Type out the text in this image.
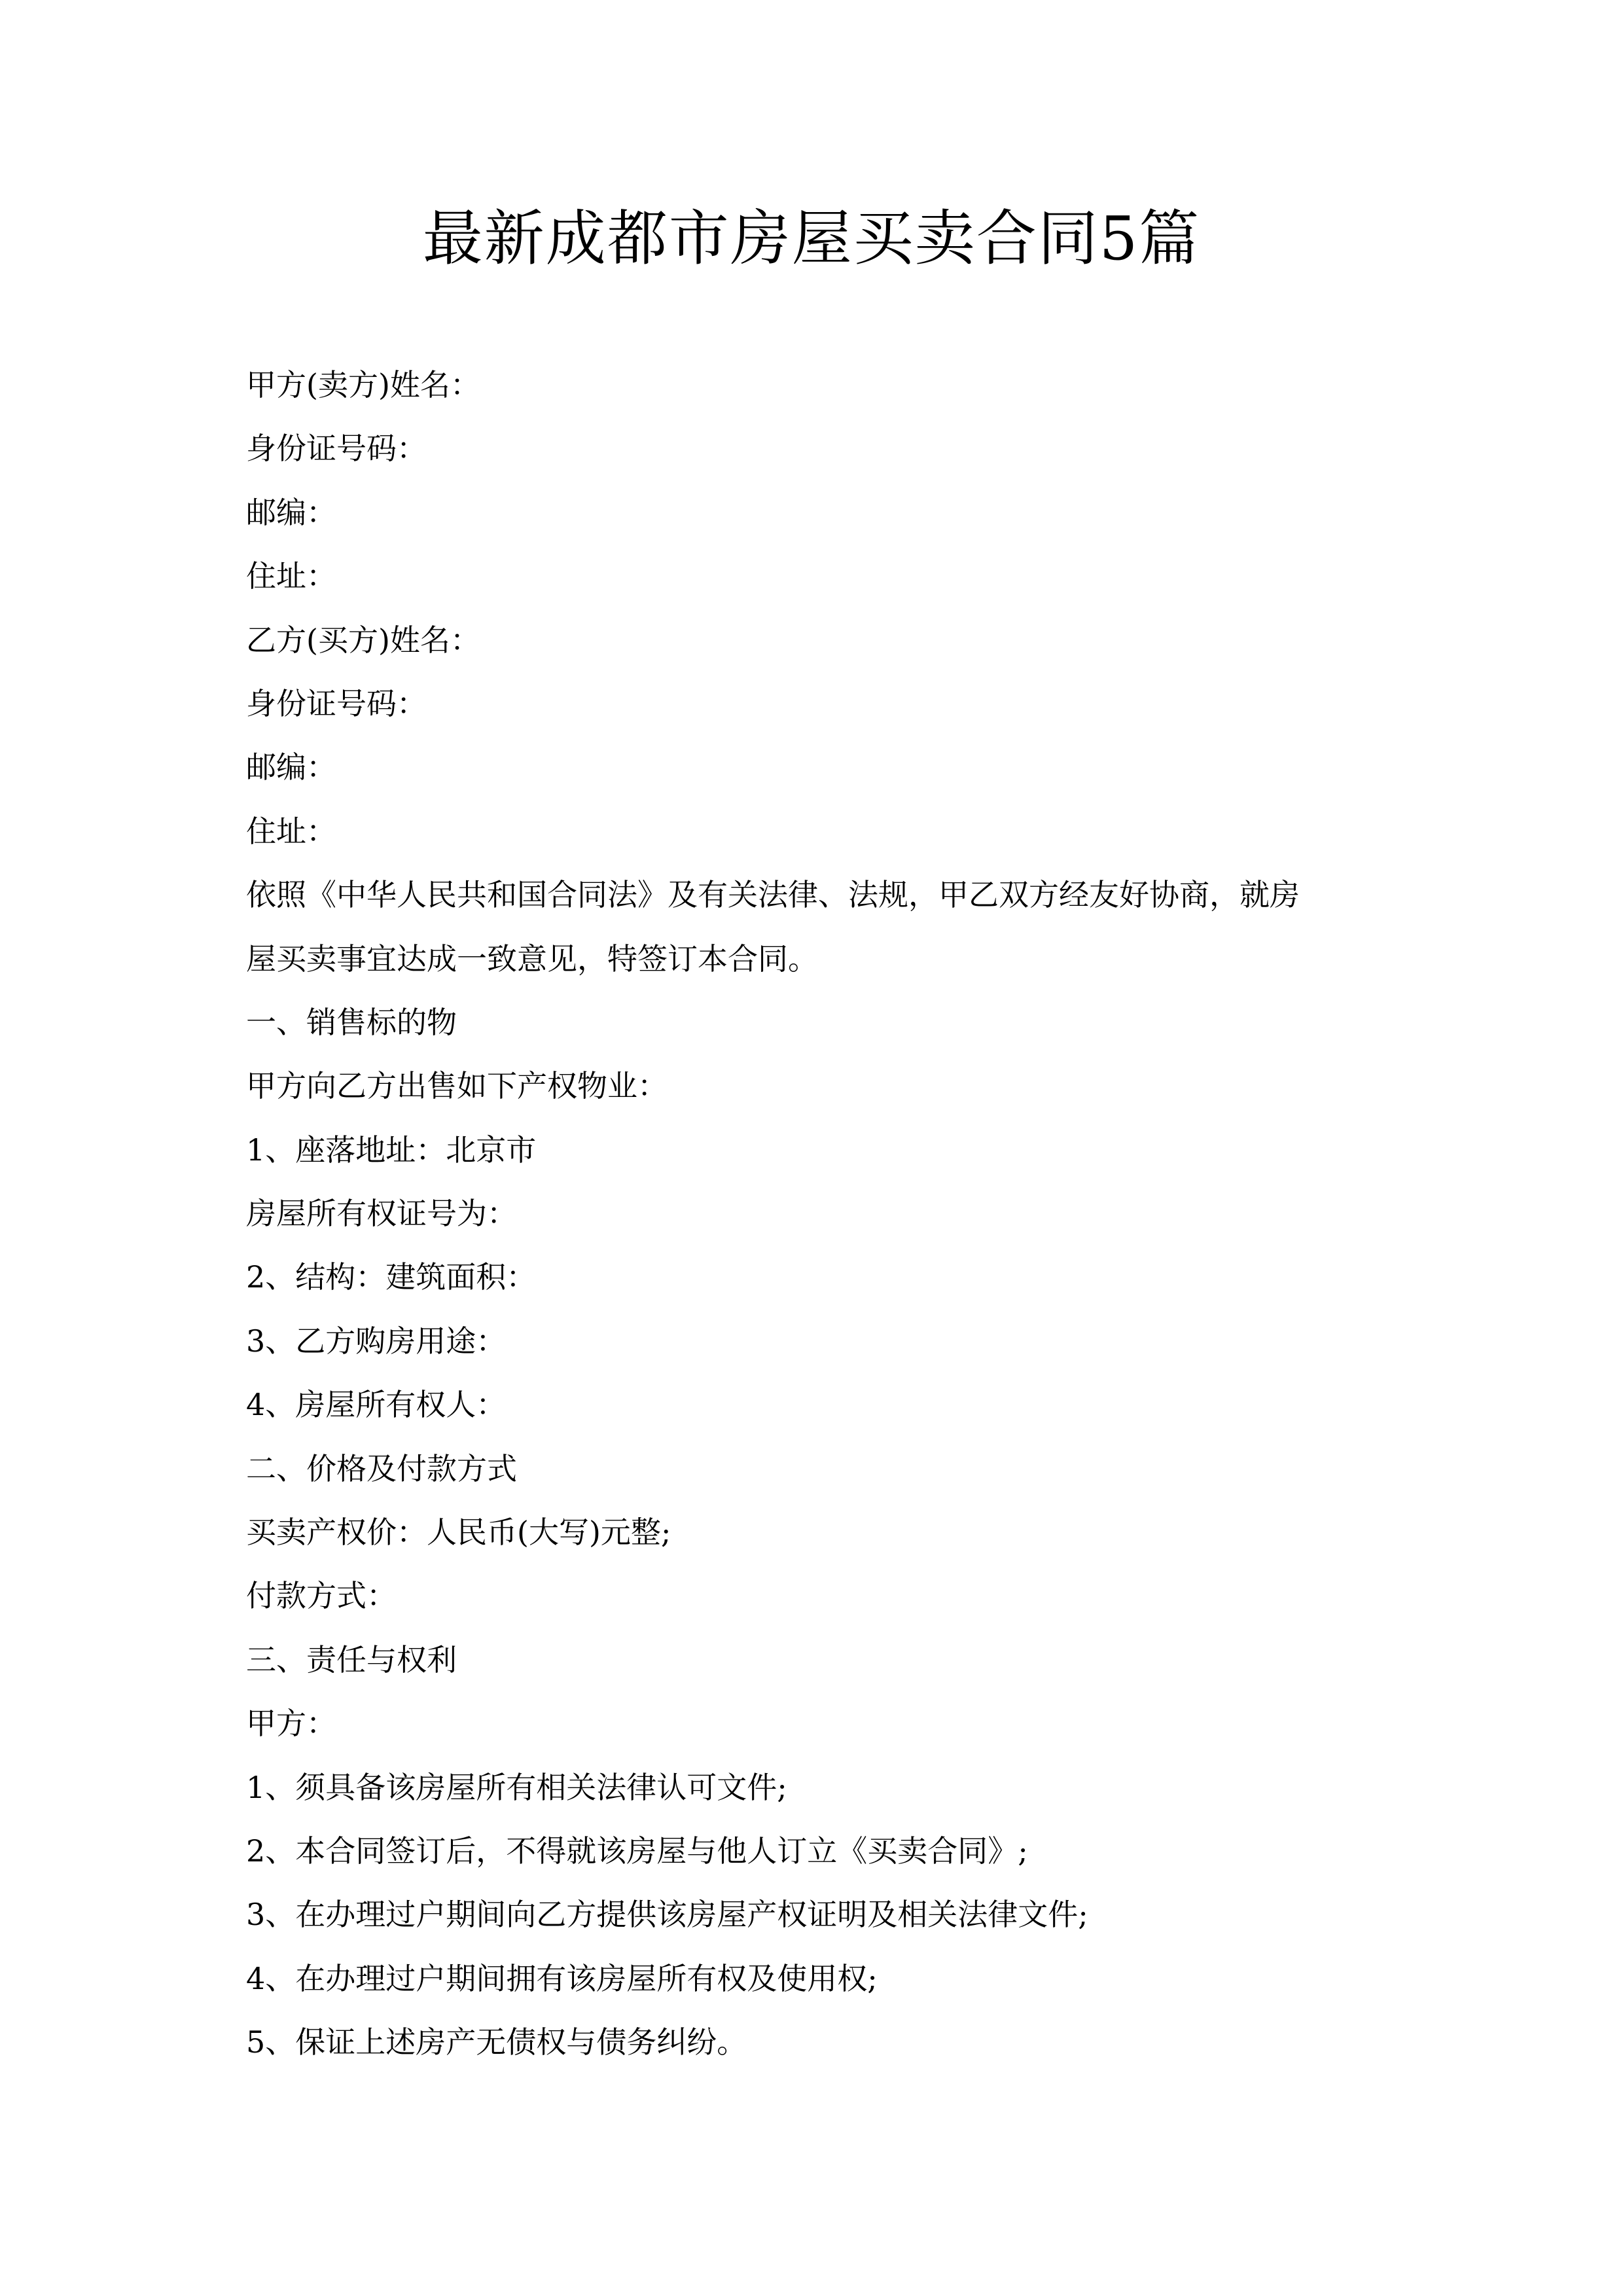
最新成都市房屋买卖合同5篇

甲方(卖方)姓名：

身份证号码：

邮编：

住址：

乙方(买方)姓名：

身份证号码：

邮编：

住址：

依照《中华人民共和国合同法》及有关法律、法规，甲乙双方经友好协商，就房

屋买卖事宜达成一致意见，特签订本合同。

一、销售标的物

甲方向乙方出售如下产权物业：

1、座落地址：北京市

房屋所有权证号为：

2、结构：建筑面积：

3、乙方购房用途：

4、房屋所有权人：

二、价格及付款方式

买卖产权价：人民币(大写)元整;

付款方式：

三、责任与权利

甲方：

1、须具备该房屋所有相关法律认可文件;

2、本合同签订后，不得就该房屋与他人订立《买卖合同》;

3、在办理过户期间向乙方提供该房屋产权证明及相关法律文件;

4、在办理过户期间拥有该房屋所有权及使用权;

5、保证上述房产无债权与债务纠纷。
